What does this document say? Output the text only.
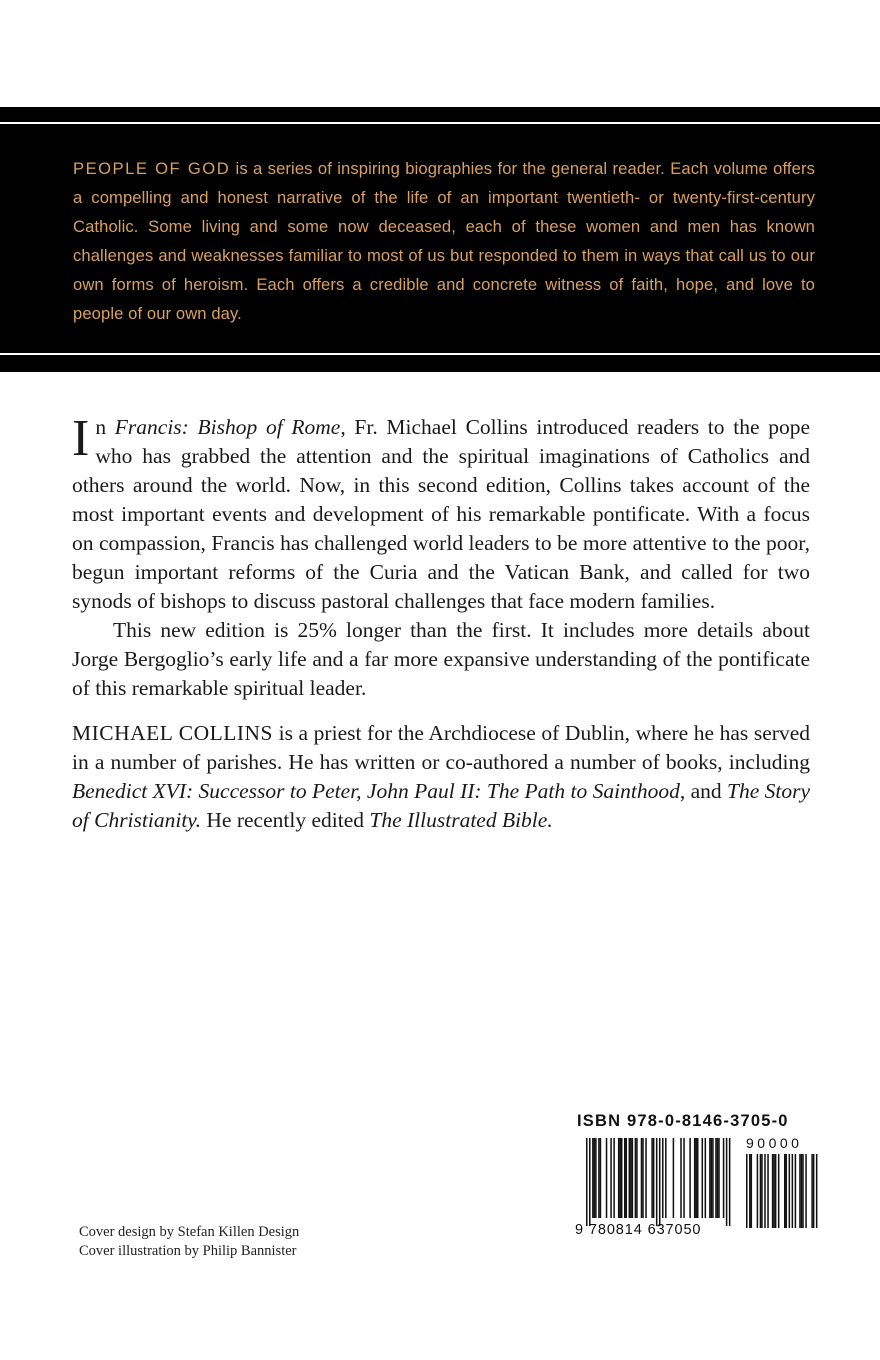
PEOPLE OF GOD is a series of inspiring biographies for the general reader. Each volume offers a compelling and honest narrative of the life of an important twentieth- or twenty-first-century Catholic. Some living and some now deceased, each of these women and men has known challenges and weaknesses familiar to most of us but responded to them in ways that call us to our own forms of heroism. Each offers a credible and concrete witness of faith, hope, and love to people of our own day.

In Francis: Bishop of Rome, Fr. Michael Collins introduced readers to the pope who has grabbed the attention and the spiritual imaginations of Catholics and others around the world. Now, in this second edition, Collins takes account of the most important events and development of his remarkable pontificate. With a focus on compassion, Francis has challenged world leaders to be more attentive to the poor, begun important reforms of the Curia and the Vatican Bank, and called for two synods of bishops to discuss pastoral challenges that face modern families.

This new edition is 25% longer than the first. It includes more details about Jorge Bergoglio’s early life and a far more expansive understanding of the pontificate of this remarkable spiritual leader.

MICHAEL COLLINS is a priest for the Archdiocese of Dublin, where he has served in a number of parishes. He has written or co-authored a number of books, including Benedict XVI: Successor to Peter, John Paul II: The Path to Sainthood, and The Story of Christianity. He recently edited The Illustrated Bible.

Cover design by Stefan Killen Design
Cover illustration by Philip Bannister
ISBN 978-0-8146-3705-0
90000
9 780814 637050
